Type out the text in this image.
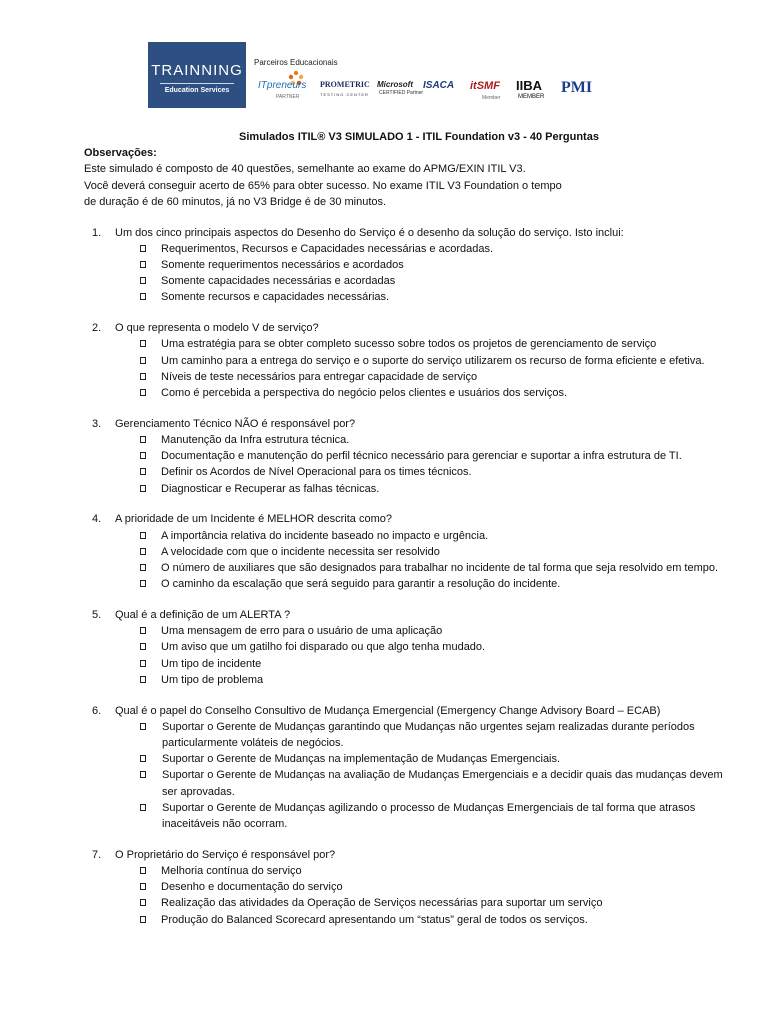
TRAINNING
Education Services
Parceiros Educacionais
ITpreneurs
PARTNER
PROMETRIC
TESTING CENTER
Microsoft
CERTIFIED Partner
ISACA itSMF
Member
IIBA
MEMBER
PMI
Simulados ITIL® V3 SIMULADO 1 - ITIL Foundation v3 - 40 Perguntas
Observações:
Este simulado é composto de 40 questões, semelhante ao exame do APMG/EXIN ITIL V3.
Você deverá conseguir acerto de 65% para obter sucesso. No exame ITIL V3 Foundation o tempo
de duração é de 60 minutos, já no V3 Bridge é de 30 minutos.
1. Um dos cinco principais aspectos do Desenho do Serviço é o desenho da solução do serviço. Isto inclui:
Requerimentos, Recursos e Capacidades necessárias e acordadas.
Somente requerimentos necessários e acordados
Somente capacidades necessárias e acordadas
Somente recursos e capacidades necessárias.
2. O que representa o modelo V de serviço?
Uma estratégia para se obter completo sucesso sobre todos os projetos de gerenciamento de serviço
Um caminho para a entrega do serviço e o suporte do serviço utilizarem os recurso de forma eficiente e efetiva.
Níveis de teste necessários para entregar capacidade de serviço
Como é percebida a perspectiva do negócio pelos clientes e usuários dos serviços.
3. Gerenciamento Técnico NÃO é responsável por?
Manutenção da Infra estrutura técnica.
Documentação e manutenção do perfil técnico necessário para gerenciar e suportar a infra estrutura de TI.
Definir os Acordos de Nível Operacional para os times técnicos.
Diagnosticar e Recuperar as falhas técnicas.
4. A prioridade de um Incidente é MELHOR descrita como?
A importância relativa do incidente baseado no impacto e urgência.
A velocidade com que o incidente necessita ser resolvido
O número de auxiliares que são designados para trabalhar no incidente de tal forma que seja resolvido em tempo.
O caminho da escalação que será seguido para garantir a resolução do incidente.
5. Qual é a definição de um ALERTA ?
Uma mensagem de erro para o usuário de uma aplicação
Um aviso que um gatilho foi disparado ou que algo tenha mudado.
Um tipo de incidente
Um tipo de problema
6. Qual é o papel do Conselho Consultivo de Mudança Emergencial (Emergency Change Advisory Board – ECAB)
Suportar o Gerente de Mudanças garantindo que Mudanças não urgentes sejam realizadas durante períodos particularmente voláteis de negócios.
Suportar o Gerente de Mudanças na implementação de Mudanças Emergenciais.
Suportar o Gerente de Mudanças na avaliação de Mudanças Emergenciais e a decidir quais das mudanças devem ser aprovadas.
Suportar o Gerente de Mudanças agilizando o processo de Mudanças Emergenciais de tal forma que atrasos inaceitáveis não ocorram.
7. O Proprietário do Serviço é responsável por?
Melhoria contínua do serviço
Desenho e documentação do serviço
Realização das atividades da Operação de Serviços necessárias para suportar um serviço
Produção do Balanced Scorecard apresentando um “status” geral de todos os serviços.
